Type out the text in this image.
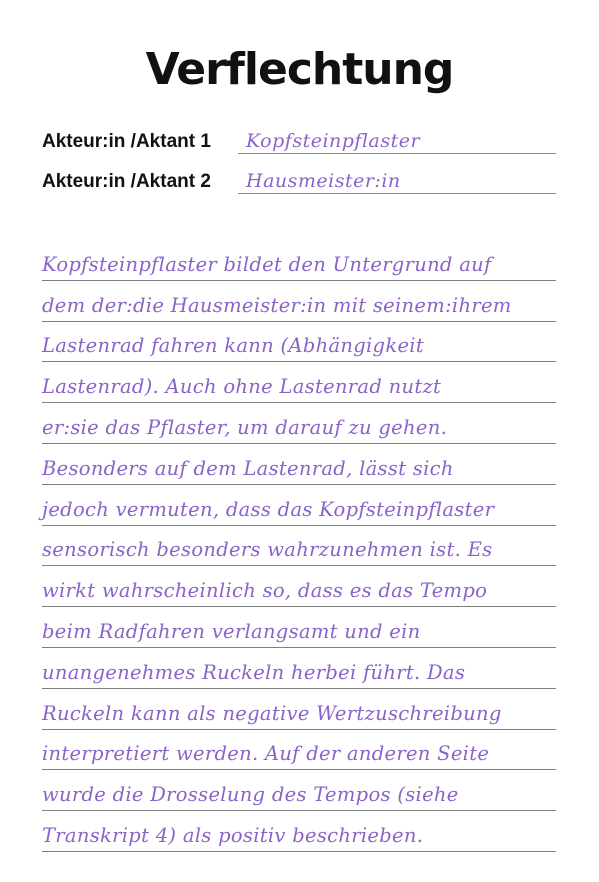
Verflechtung
Akteur:in /Aktant 1 Kopfsteinpflaster
Akteur:in /Aktant 2 Hausmeister:in
Kopfsteinpflaster bildet den Untergrund auf
dem der:die Hausmeister:in mit seinem:ihrem
Lastenrad fahren kann (Abhängigkeit
Lastenrad). Auch ohne Lastenrad nutzt
er:sie das Pflaster, um darauf zu gehen.
Besonders auf dem Lastenrad, lässt sich
jedoch vermuten, dass das Kopfsteinpflaster
sensorisch besonders wahrzunehmen ist. Es
wirkt wahrscheinlich so, dass es das Tempo
beim Radfahren verlangsamt und ein
unangenehmes Ruckeln herbei führt. Das
Ruckeln kann als negative Wertzuschreibung
interpretiert werden. Auf der anderen Seite
wurde die Drosselung des Tempos (siehe
Transkript 4) als positiv beschrieben.
